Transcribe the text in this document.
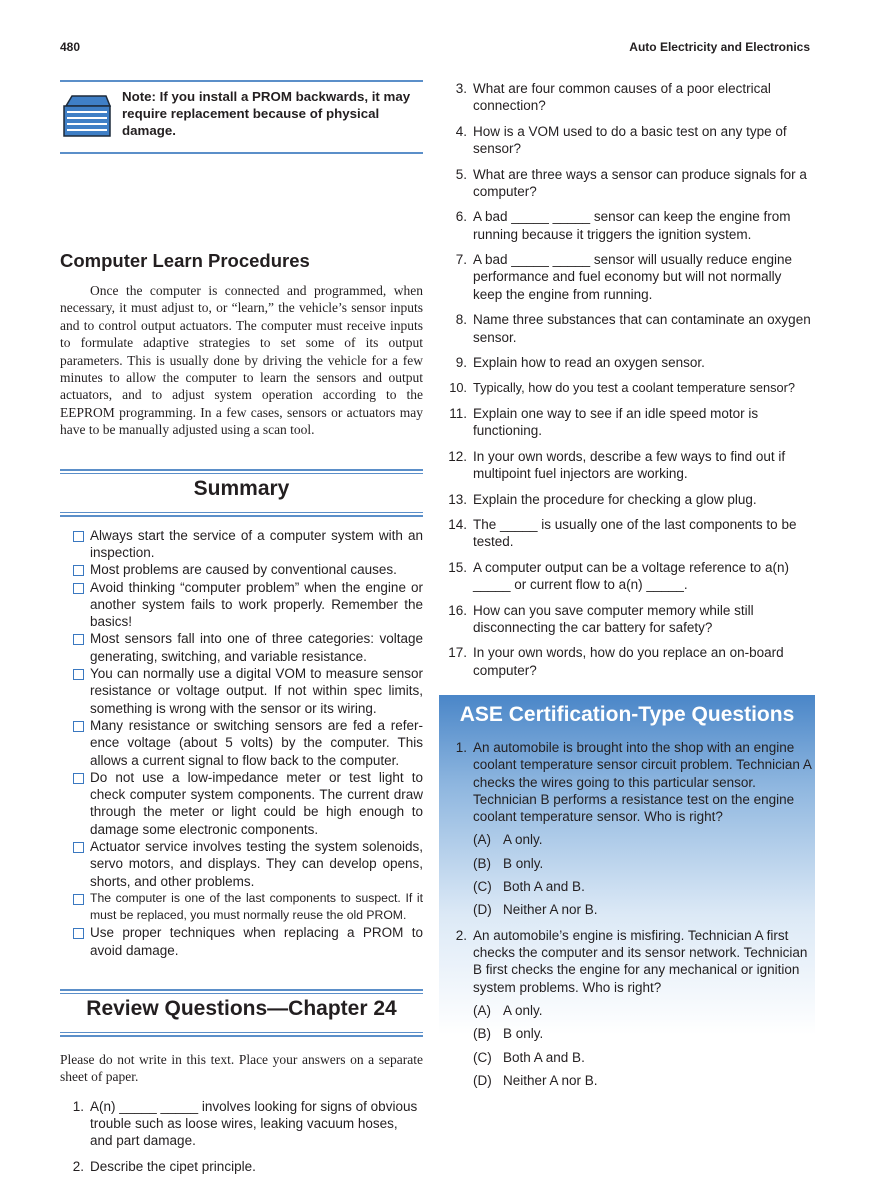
480	Auto Electricity and Electronics
Note: If you install a PROM backwards, it may require replacement because of physical damage.
Computer Learn Procedures

Once the computer is connected and programmed, when necessary, it must adjust to, or “learn,” the vehicle’s sensor inputs and to control output actuators. The computer must receive inputs to formulate adaptive strategies to set some of its output parameters. This is usually done by driving the vehicle for a few minutes to allow the computer to learn the sensors and output actuators, and to adjust system operation according to the EEPROM programming. In a few cases, sensors or actuators may have to be manually adjusted using a scan tool.

Summary
Always start the service of a computer system with an inspection.
Most problems are caused by conventional causes.
Avoid thinking “computer problem” when the engine or another system fails to work properly. Remember the basics!
Most sensors fall into one of three categories: voltage generating, switching, and variable resistance.
You can normally use a digital VOM to measure sensor resistance or voltage output. If not within spec limits, something is wrong with the sensor or its wiring.
Many resistance or switching sensors are fed a refer- ence voltage (about 5 volts) by the computer. This allows a current signal to flow back to the computer.
Do not use a low-impedance meter or test light to check computer system components. The current draw through the meter or light could be high enough to damage some electronic components.
Actuator service involves testing the system solenoids, servo motors, and displays. They can develop opens, shorts, and other problems.
The computer is one of the last components to suspect. If it must be replaced, you must normally reuse the old PROM.
Use proper techniques when replacing a PROM to avoid damage.
Review Questions—Chapter 24

Please do not write in this text. Place your answers on a separate sheet of paper.

1. A(n) _____ _____ involves looking for signs of obvious trouble such as loose wires, leaking vacuum hoses, and part damage.
2. Describe the cipet principle.
3. What are four common causes of a poor electrical connection?
4. How is a VOM used to do a basic test on any type of sensor?
5. What are three ways a sensor can produce signals for a computer?
6. A bad _____ _____ sensor can keep the engine from running because it triggers the ignition system.
7. A bad _____ _____ sensor will usually reduce engine performance and fuel economy but will not normally keep the engine from running.
8. Name three substances that can contaminate an oxygen sensor.
9. Explain how to read an oxygen sensor.
10. Typically, how do you test a coolant temperature sensor?
11. Explain one way to see if an idle speed motor is functioning.
12. In your own words, describe a few ways to find out if multipoint fuel injectors are working.
13. Explain the procedure for checking a glow plug.
14. The _____ is usually one of the last components to be tested.
15. A computer output can be a voltage reference to a(n) _____ or current flow to a(n) _____.
16. How can you save computer memory while still disconnecting the car battery for safety?
17. In your own words, how do you replace an on-board computer?
ASE Certification-Type Questions
1. An automobile is brought into the shop with an engine coolant temperature sensor circuit problem. Technician A checks the wires going to this particular sensor. Technician B performs a resistance test on the engine coolant temperature sensor. Who is right?
(A) A only.
(B) B only.
(C) Both A and B.
(D) Neither A nor B.
2. An automobile’s engine is misfiring. Technician A first checks the computer and its sensor network. Technician B first checks the engine for any mechanical or ignition system problems. Who is right?
(A) A only.
(B) B only.
(C) Both A and B.
(D) Neither A nor B.
